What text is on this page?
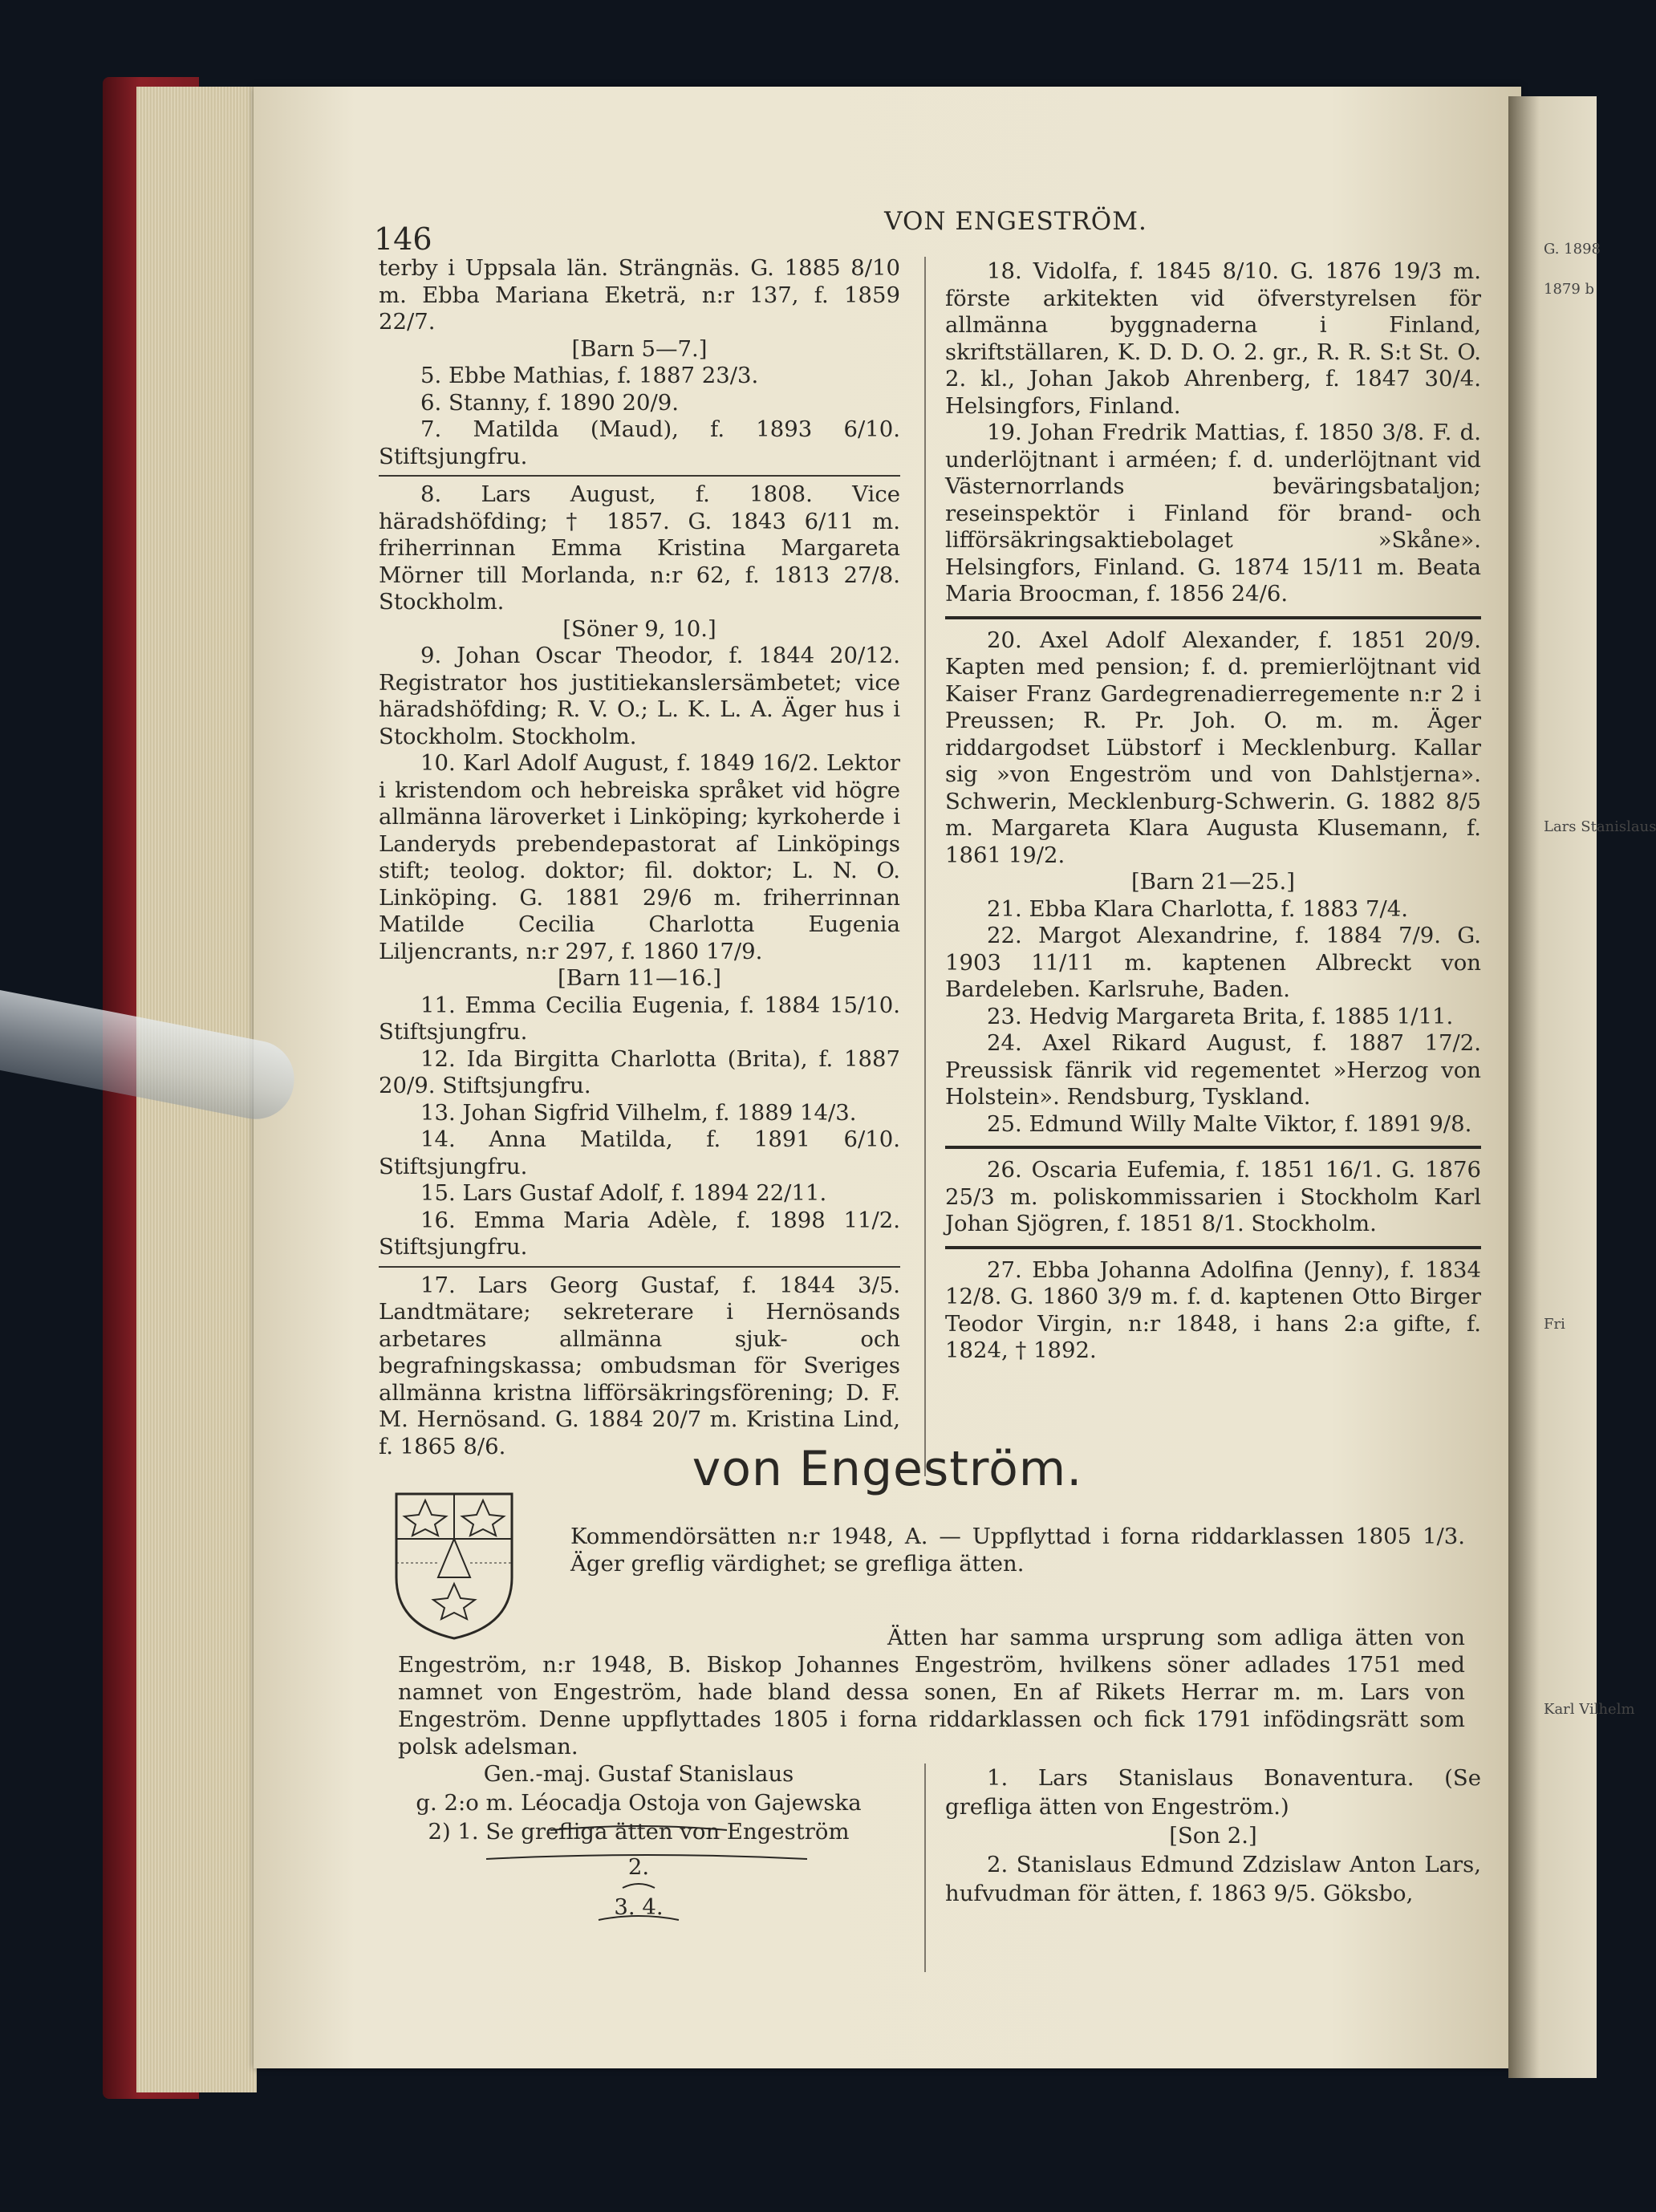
146	VON ENGESTRÖM.

terby i Uppsala län. Strängnäs. G. 1885 8/10 m. Ebba Mariana Eketrä, n:r 137, f. 1859 22/7.

[Barn 5—7.]

5. Ebbe Mathias, f. 1887 23/3.

6. Stanny, f. 1890 20/9.

7. Matilda (Maud), f. 1893 6/10. Stiftsjungfru.

8. Lars August, f. 1808. Vice häradshöfding; † 1857. G. 1843 6/11 m. friherrinnan Emma Kristina Margareta Mörner till Morlanda, n:r 62, f. 1813 27/8. Stockholm.

[Söner 9, 10.]

9. Johan Oscar Theodor, f. 1844 20/12. Registrator hos justitiekanslersämbetet; vice häradshöfding; R. V. O.; L. K. L. A. Äger hus i Stockholm. Stockholm.

10. Karl Adolf August, f. 1849 16/2. Lektor i kristendom och hebreiska språket vid högre allmänna läroverket i Linköping; kyrkoherde i Landeryds prebendepastorat af Linköpings stift; teolog. doktor; fil. doktor; L. N. O. Linköping. G. 1881 29/6 m. friherrinnan Matilde Cecilia Charlotta Eugenia Liljencrants, n:r 297, f. 1860 17/9.

[Barn 11—16.]

11. Emma Cecilia Eugenia, f. 1884 15/10. Stiftsjungfru.

12. Ida Birgitta Charlotta (Brita), f. 1887 20/9. Stiftsjungfru.

13. Johan Sigfrid Vilhelm, f. 1889 14/3.

14. Anna Matilda, f. 1891 6/10. Stiftsjungfru.

15. Lars Gustaf Adolf, f. 1894 22/11.

16. Emma Maria Adèle, f. 1898 11/2. Stiftsjungfru.

17. Lars Georg Gustaf, f. 1844 3/5. Landtmätare; sekreterare i Hernösands arbetares allmänna sjuk- och begrafningskassa; ombudsman för Sveriges allmänna kristna lifförsäkringsförening; D. F. M. Hernösand. G. 1884 20/7 m. Kristina Lind, f. 1865 8/6.

18. Vidolfa, f. 1845 8/10. G. 1876 19/3 m. förste arkitekten vid öfverstyrelsen för allmänna byggnaderna i Finland, skriftställaren, K. D. D. O. 2. gr., R. R. S:t St. O. 2. kl., Johan Jakob Ahrenberg, f. 1847 30/4. Helsingfors, Finland.

19. Johan Fredrik Mattias, f. 1850 3/8. F. d. underlöjtnant i arméen; f. d. underlöjtnant vid Västernorrlands beväringsbataljon; reseinspektör i Finland för brand- och lifförsäkringsaktiebolaget »Skåne». Helsingfors, Finland. G. 1874 15/11 m. Beata Maria Broocman, f. 1856 24/6.

20. Axel Adolf Alexander, f. 1851 20/9. Kapten med pension; f. d. premierlöjtnant vid Kaiser Franz Gardegrenadierregemente n:r 2 i Preussen; R. Pr. Joh. O. m. m. Äger riddargodset Lübstorf i Mecklenburg. Kallar sig »von Engeström und von Dahlstjerna». Schwerin, Mecklenburg-Schwerin. G. 1882 8/5 m. Margareta Klara Augusta Klusemann, f. 1861 19/2.

[Barn 21—25.]

21. Ebba Klara Charlotta, f. 1883 7/4.

22. Margot Alexandrine, f. 1884 7/9. G. 1903 11/11 m. kaptenen Albreckt von Bardeleben. Karlsruhe, Baden.

23. Hedvig Margareta Brita, f. 1885 1/11.

24. Axel Rikard August, f. 1887 17/2. Preussisk fänrik vid regementet »Herzog von Holstein». Rendsburg, Tyskland.

25. Edmund Willy Malte Viktor, f. 1891 9/8.

26. Oscaria Eufemia, f. 1851 16/1. G. 1876 25/3 m. poliskommissarien i Stockholm Karl Johan Sjögren, f. 1851 8/1. Stockholm.

27. Ebba Johanna Adolfina (Jenny), f. 1834 12/8. G. 1860 3/9 m. f. d. kaptenen Otto Birger Teodor Virgin, n:r 1848, i hans 2:a gifte, f. 1824, † 1892.

von Engeström.

Kommendörsätten n:r 1948, A. — Uppflyttad i forna riddarklassen 1805 1/3. Äger greflig värdighet; se grefliga ätten.

Ätten har samma ursprung som adliga ätten von Engeström, n:r 1948, B. Biskop Johannes Engeström, hvilkens söner adlades 1751 med namnet von Engeström, hade bland dessa sonen, En af Rikets Herrar m. m. Lars von Engeström. Denne uppflyttades 1805 i forna riddarklassen och fick 1791 infödingsrätt som polsk adelsman.

Gen.-maj. Gustaf Stanislaus

g. 2:o m. Léocadja Ostoja von Gajewska

2) 1. Se grefliga ätten von Engeström

2.

3. 4.

1. Lars Stanislaus Bonaventura. (Se grefliga ätten von Engeström.)

[Son 2.]

2. Stanislaus Edmund Zdzislaw Anton Lars, hufvudman för ätten, f. 1863 9/5. Göksbo,

G. 1898
1879 b
Lars Stanislaus
Karl Vilhelm
Fri
